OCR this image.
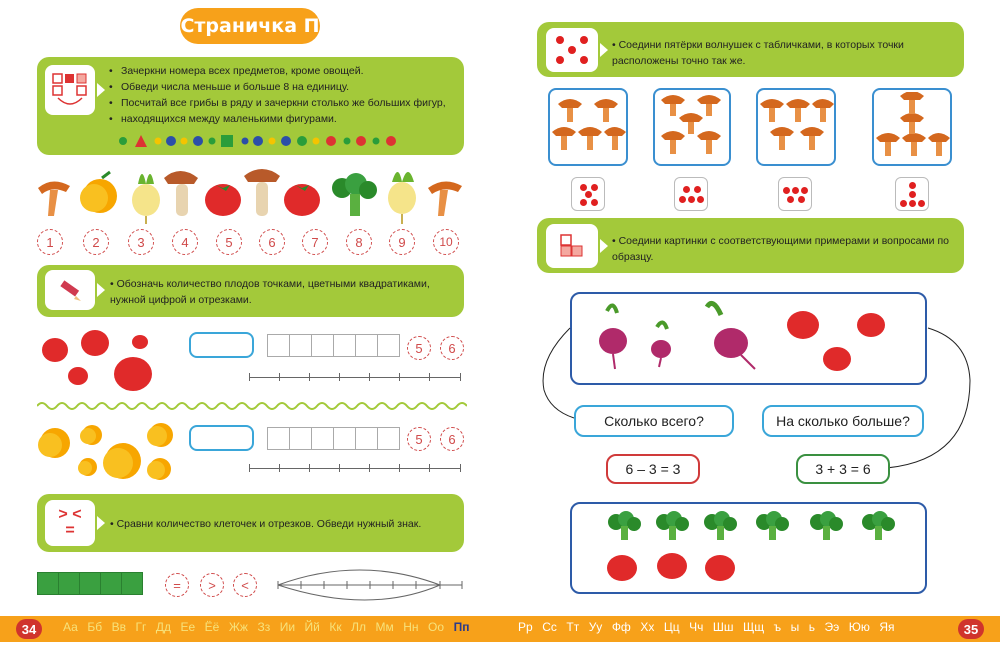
Страничка П
• Зачеркни номера всех предметов, кроме овощей.
• Обведи числа меньше и больше 8 на единицу.
• Посчитай все грибы в ряду и зачеркни столько же больших фигур,
• находящихся между маленькими фигурами.
1	2	3	4	5	6	7	8	9	10
• Обозначь количество плодов точками, цветными квадратиками, нужной цифрой и отрезками.
5	6
5	6
> <
=	• Сравни количество клеточек и отрезков. Обведи нужный знак.
=	>	<
• Соедини пятёрки волнушек с табличками, в которых точки расположены точно так же.
• Соедини картинки с соответствующими примерами и вопросами по образцу.
Сколько всего?	На сколько больше?
6 – 3 = 3	3 + 3 = 6
34	35
Аа Бб Вв Гг Дд Ее Ёё Жж Зз Ии Йй Кк Лл Мм Нн Оо Пп	Рр Сс Тт Уу Фф Хх Цц Чч Шш Щщ ъ ы ь Ээ Юю Яя
